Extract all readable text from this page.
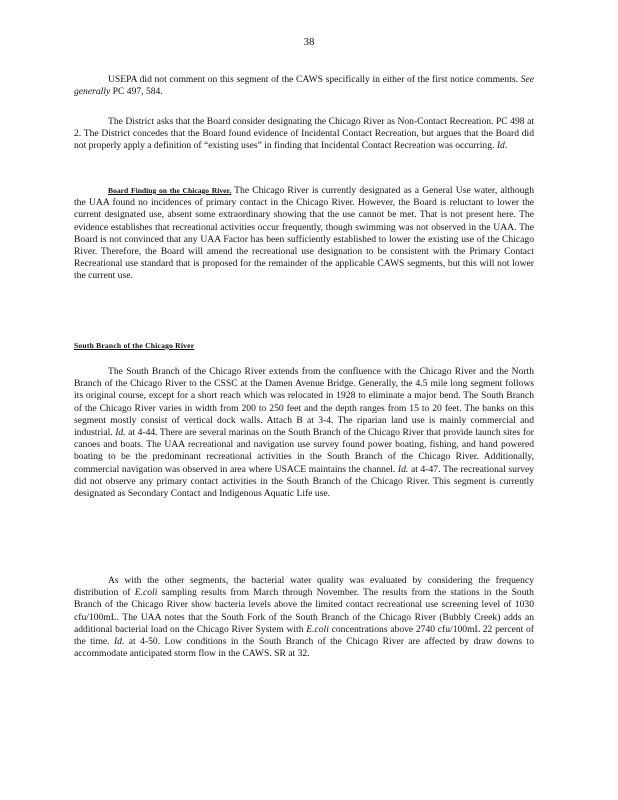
38

USEPA did not comment on this segment of the CAWS specifically in either of the first notice comments. See generally PC 497, 584.

The District asks that the Board consider designating the Chicago River as Non-Contact Recreation. PC 498 at 2. The District concedes that the Board found evidence of Incidental Contact Recreation, but argues that the Board did not properly apply a definition of “existing uses” in finding that Incidental Contact Recreation was occurring. Id.

Board Finding on the Chicago River. The Chicago River is currently designated as a General Use water, although the UAA found no incidences of primary contact in the Chicago River. However, the Board is reluctant to lower the current designated use, absent some extraordinary showing that the use cannot be met. That is not present here. The evidence establishes that recreational activities occur frequently, though swimming was not observed in the UAA. The Board is not convinced that any UAA Factor has been sufficiently established to lower the existing use of the Chicago River. Therefore, the Board will amend the recreational use designation to be consistent with the Primary Contact Recreational use standard that is proposed for the remainder of the applicable CAWS segments, but this will not lower the current use.

South Branch of the Chicago River

The South Branch of the Chicago River extends from the confluence with the Chicago River and the North Branch of the Chicago River to the CSSC at the Damen Avenue Bridge. Generally, the 4.5 mile long segment follows its original course, except for a short reach which was relocated in 1928 to eliminate a major bend. The South Branch of the Chicago River varies in width from 200 to 250 feet and the depth ranges from 15 to 20 feet. The banks on this segment mostly consist of vertical dock walls. Attach B at 3-4. The riparian land use is mainly commercial and industrial. Id. at 4-44. There are several marinas on the South Branch of the Chicago River that provide launch sites for canoes and boats. The UAA recreational and navigation use survey found power boating, fishing, and hand powered boating to be the predominant recreational activities in the South Branch of the Chicago River. Additionally, commercial navigation was observed in area where USACE maintains the channel. Id. at 4-47. The recreational survey did not observe any primary contact activities in the South Branch of the Chicago River. This segment is currently designated as Secondary Contact and Indigenous Aquatic Life use.

As with the other segments, the bacterial water quality was evaluated by considering the frequency distribution of E.coli sampling results from March through November. The results from the stations in the South Branch of the Chicago River show bacteria levels above the limited contact recreational use screening level of 1030 cfu/100mL. The UAA notes that the South Fork of the South Branch of the Chicago River (Bubbly Creek) adds an additional bacterial load on the Chicago River System with E.coli concentrations above 2740 cfu/100mL 22 percent of the time. Id. at 4-50. Low conditions in the South Branch of the Chicago River are affected by draw downs to accommodate anticipated storm flow in the CAWS. SR at 32.
